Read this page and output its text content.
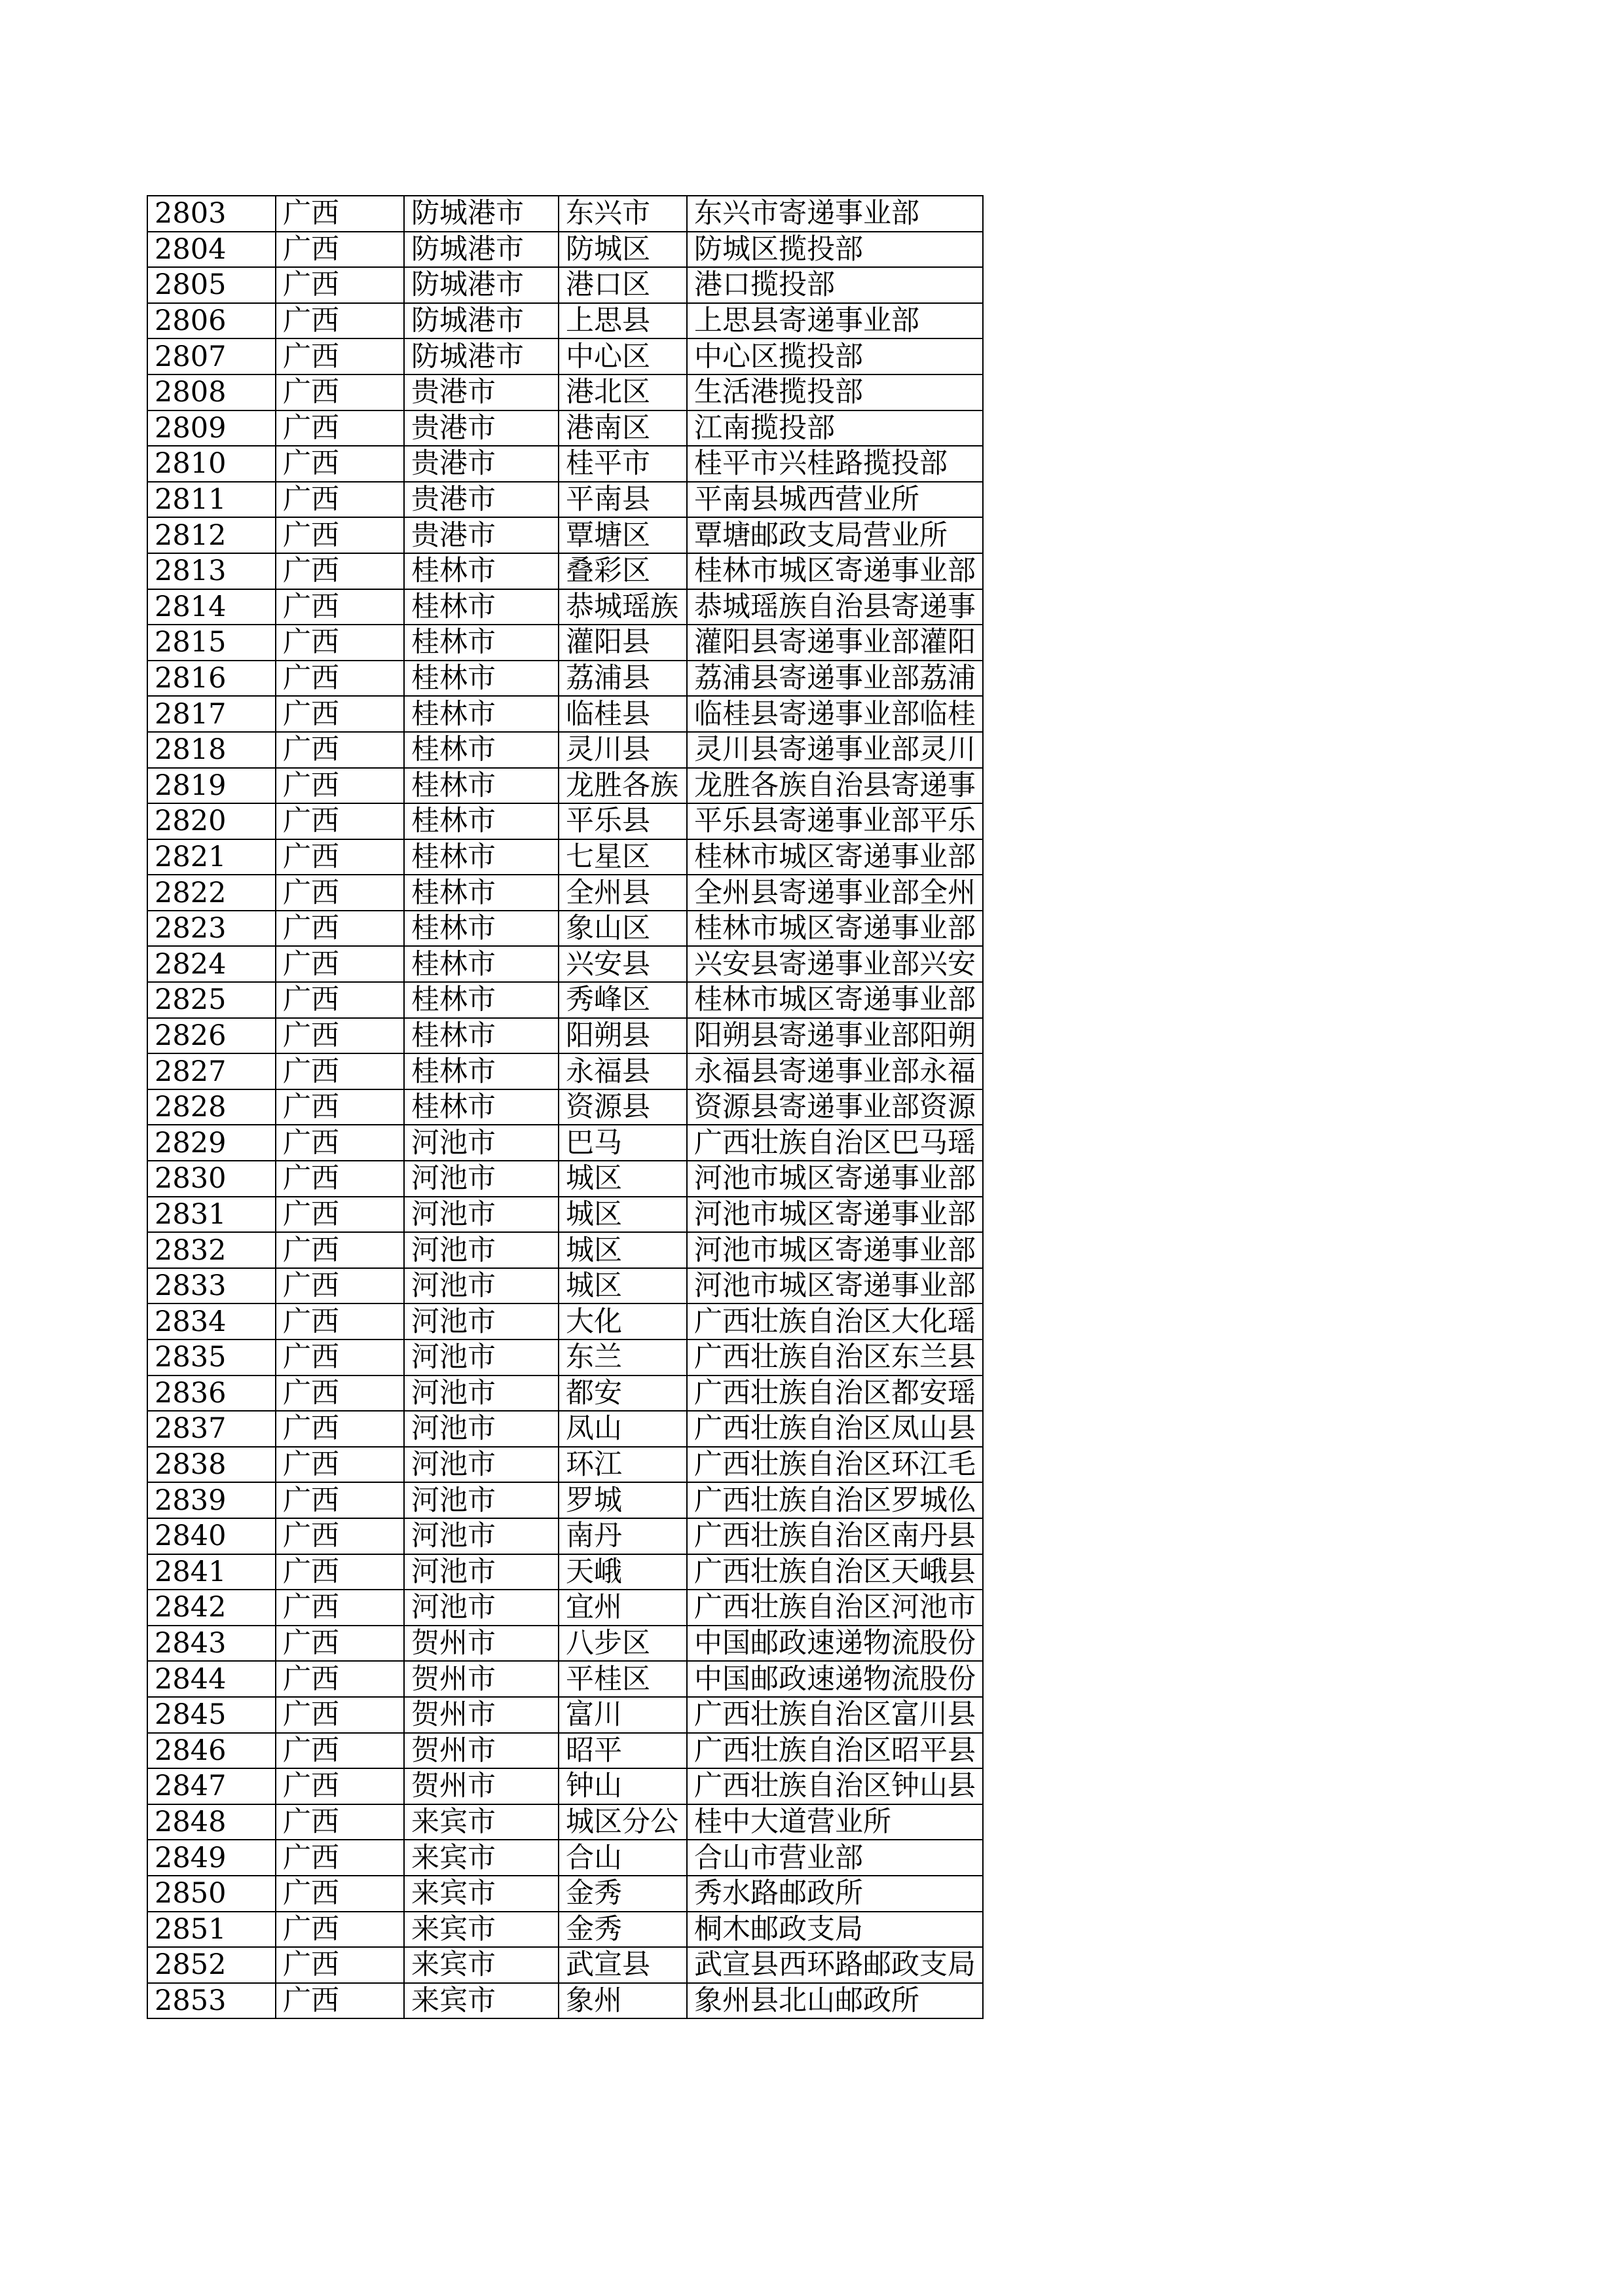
2803	广西	防城港市	东兴市	东兴市寄递事业部
2804	广西	防城港市	防城区	防城区揽投部
2805	广西	防城港市	港口区	港口揽投部
2806	广西	防城港市	上思县	上思县寄递事业部
2807	广西	防城港市	中心区	中心区揽投部
2808	广西	贵港市	港北区	生活港揽投部
2809	广西	贵港市	港南区	江南揽投部
2810	广西	贵港市	桂平市	桂平市兴桂路揽投部
2811	广西	贵港市	平南县	平南县城西营业所
2812	广西	贵港市	覃塘区	覃塘邮政支局营业所
2813	广西	桂林市	叠彩区	桂林市城区寄递事业部
2814	广西	桂林市	恭城瑶族	恭城瑶族自治县寄递事
2815	广西	桂林市	灌阳县	灌阳县寄递事业部灌阳
2816	广西	桂林市	荔浦县	荔浦县寄递事业部荔浦
2817	广西	桂林市	临桂县	临桂县寄递事业部临桂
2818	广西	桂林市	灵川县	灵川县寄递事业部灵川
2819	广西	桂林市	龙胜各族	龙胜各族自治县寄递事
2820	广西	桂林市	平乐县	平乐县寄递事业部平乐
2821	广西	桂林市	七星区	桂林市城区寄递事业部
2822	广西	桂林市	全州县	全州县寄递事业部全州
2823	广西	桂林市	象山区	桂林市城区寄递事业部
2824	广西	桂林市	兴安县	兴安县寄递事业部兴安
2825	广西	桂林市	秀峰区	桂林市城区寄递事业部
2826	广西	桂林市	阳朔县	阳朔县寄递事业部阳朔
2827	广西	桂林市	永福县	永福县寄递事业部永福
2828	广西	桂林市	资源县	资源县寄递事业部资源
2829	广西	河池市	巴马	广西壮族自治区巴马瑶
2830	广西	河池市	城区	河池市城区寄递事业部
2831	广西	河池市	城区	河池市城区寄递事业部
2832	广西	河池市	城区	河池市城区寄递事业部
2833	广西	河池市	城区	河池市城区寄递事业部
2834	广西	河池市	大化	广西壮族自治区大化瑶
2835	广西	河池市	东兰	广西壮族自治区东兰县
2836	广西	河池市	都安	广西壮族自治区都安瑶
2837	广西	河池市	凤山	广西壮族自治区凤山县
2838	广西	河池市	环江	广西壮族自治区环江毛
2839	广西	河池市	罗城	广西壮族自治区罗城仫
2840	广西	河池市	南丹	广西壮族自治区南丹县
2841	广西	河池市	天峨	广西壮族自治区天峨县
2842	广西	河池市	宜州	广西壮族自治区河池市
2843	广西	贺州市	八步区	中国邮政速递物流股份
2844	广西	贺州市	平桂区	中国邮政速递物流股份
2845	广西	贺州市	富川	广西壮族自治区富川县
2846	广西	贺州市	昭平	广西壮族自治区昭平县
2847	广西	贺州市	钟山	广西壮族自治区钟山县
2848	广西	来宾市	城区分公	桂中大道营业所
2849	广西	来宾市	合山	合山市营业部
2850	广西	来宾市	金秀	秀水路邮政所
2851	广西	来宾市	金秀	桐木邮政支局
2852	广西	来宾市	武宣县	武宣县西环路邮政支局
2853	广西	来宾市	象州	象州县北山邮政所
